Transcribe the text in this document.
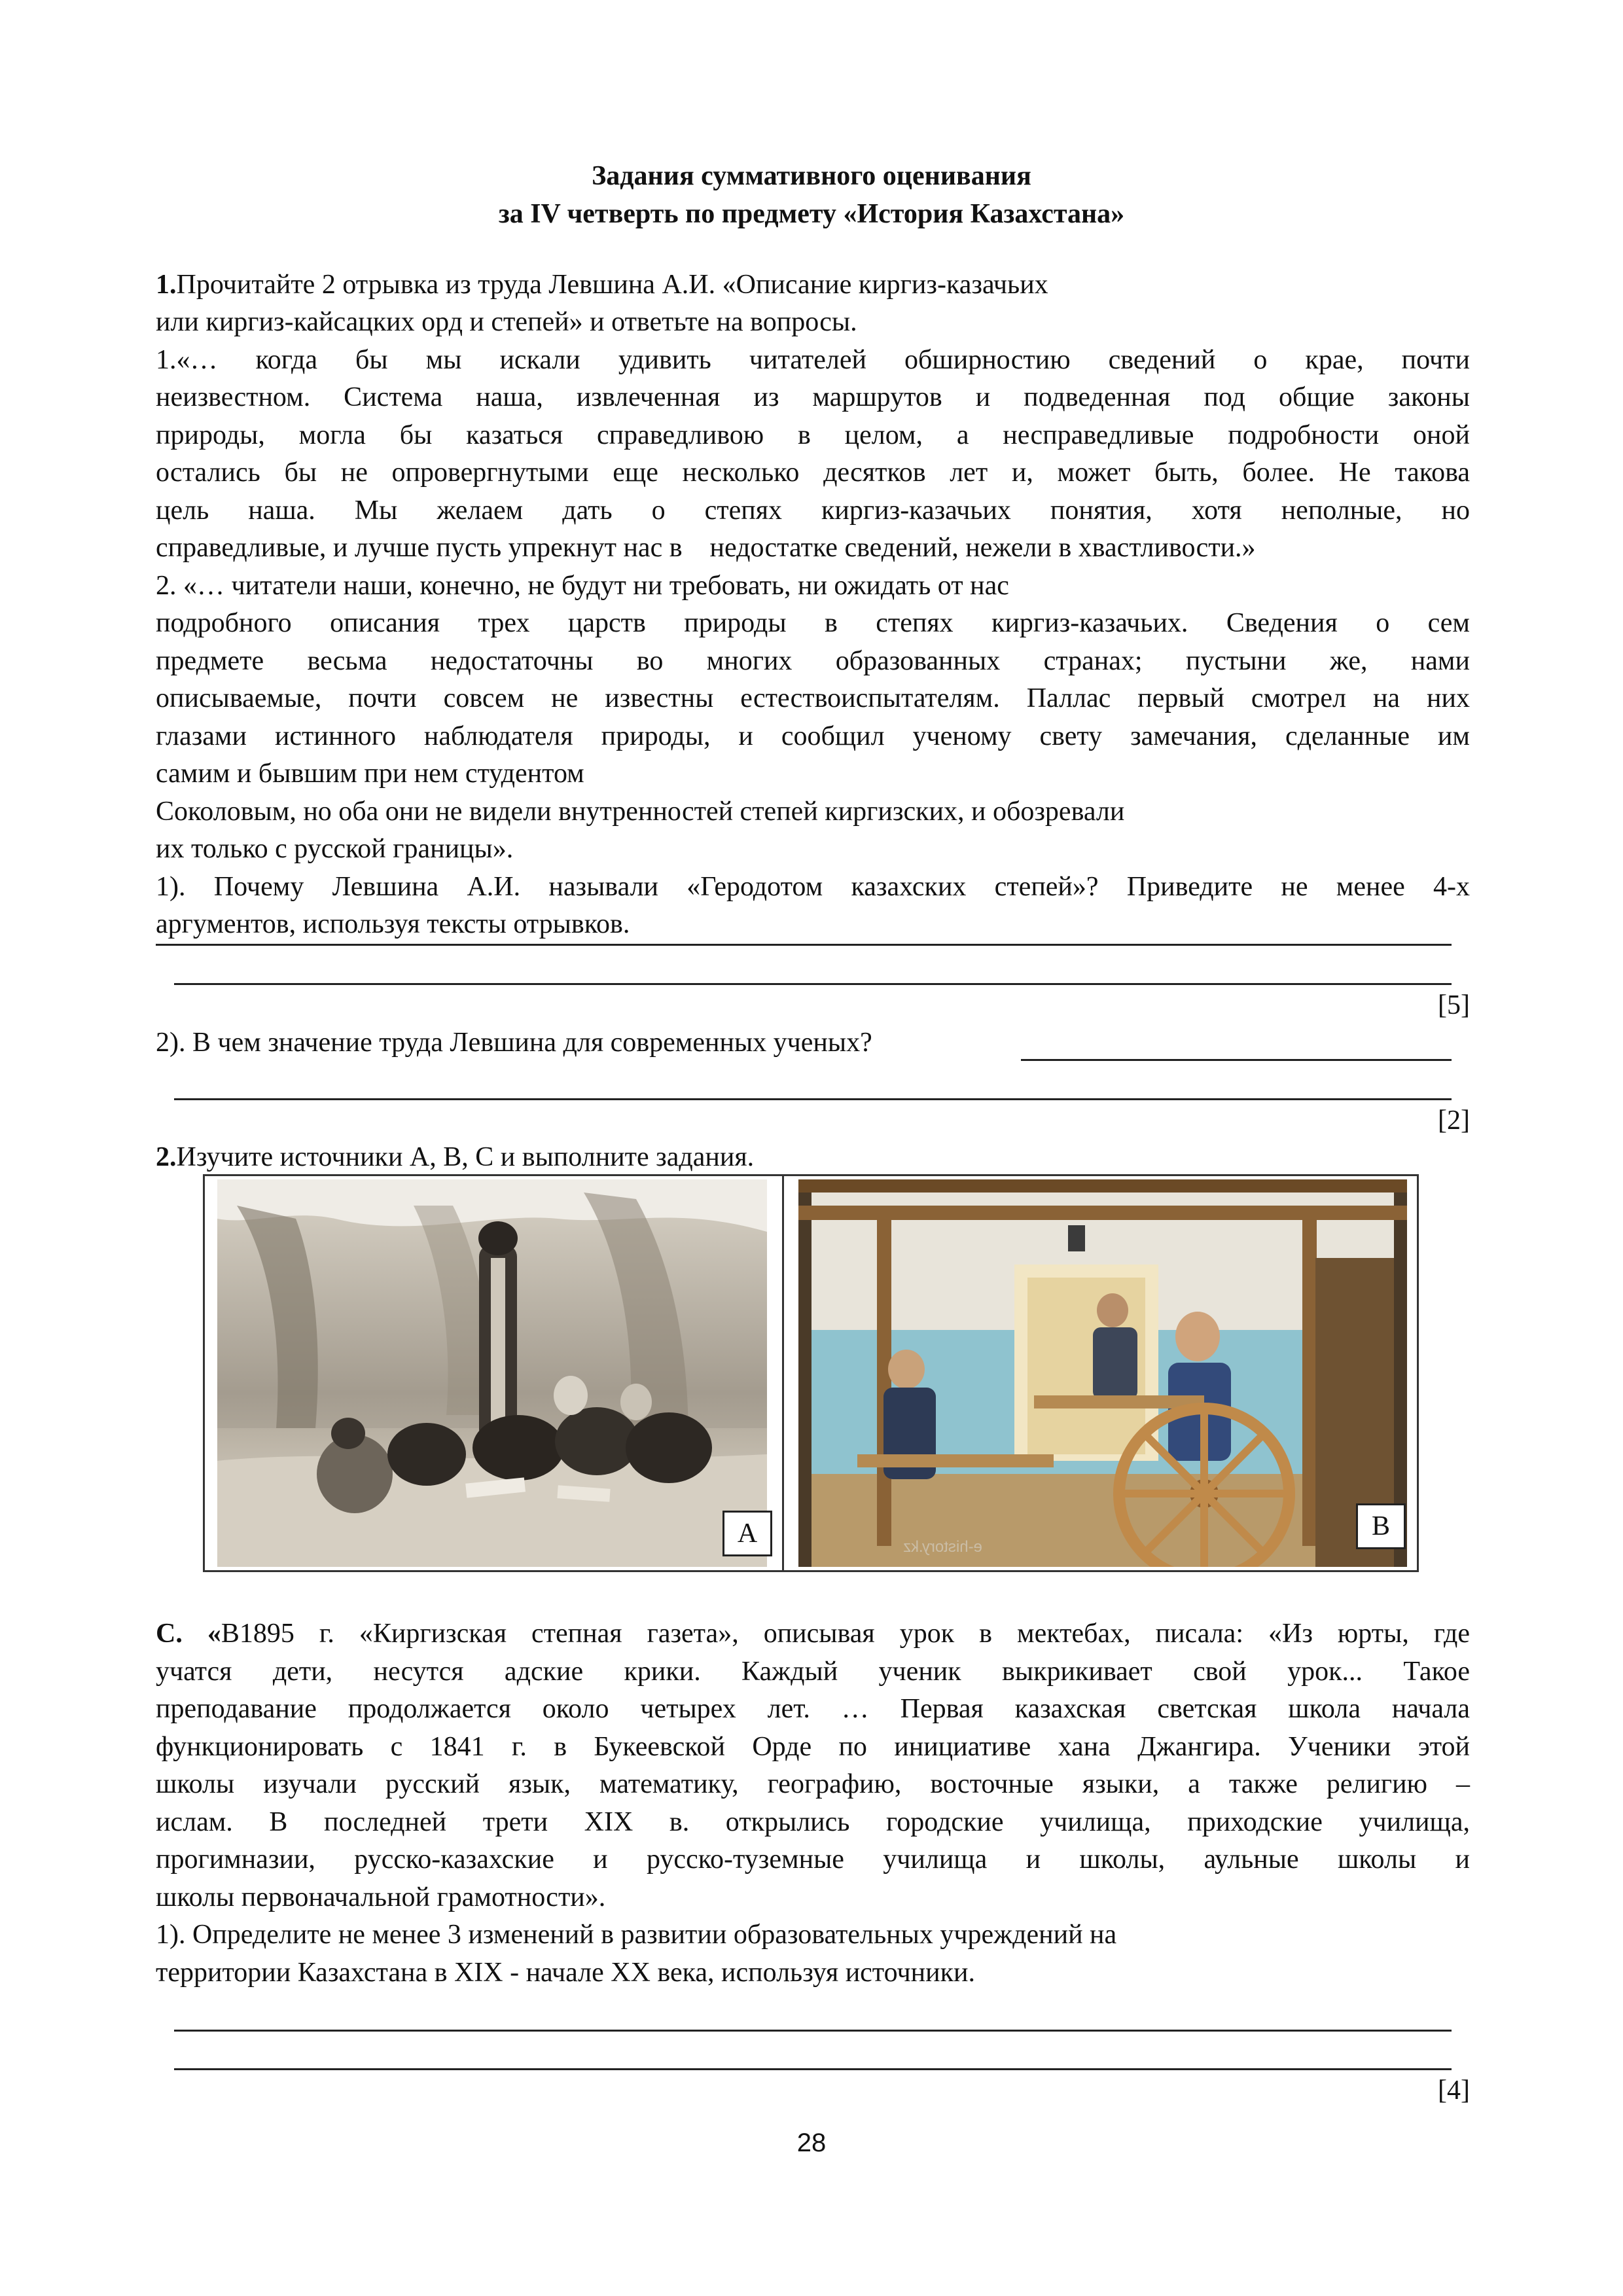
Задания суммативного оценивания
за IV четверть по предмету «История Казахстана»
1.Прочитайте 2 отрывка из труда Левшина А.И. «Описание киргиз-казачьих
или киргиз-кайсацких орд и степей» и ответьте на вопросы.
1.«… когда бы мы искали удивить читателей обширностию сведений о крае, почти
неизвестном. Система наша, извлеченная из маршрутов и подведенная под общие законы
природы, могла бы казаться справедливою в целом, а несправедливые подробности оной
остались бы не опровергнутыми еще несколько десятков лет и, может быть, более. Не такова
цель наша. Мы желаем дать о степях киргиз-казачьих понятия, хотя неполные, но
справедливые, и лучше пусть упрекнут нас в    недостатке сведений, нежели в хвастливости.»
2. «… читатели наши, конечно, не будут ни требовать, ни ожидать от нас
подробного описания трех царств природы в степях киргиз-казачьих. Сведения о сем
предмете весьма недостаточны во многих образованных странах; пустыни же, нами
описываемые, почти совсем не известны естествоиспытателям. Паллас первый смотрел на них
глазами истинного наблюдателя природы, и сообщил ученому свету замечания, сделанные им
самим и бывшим при нем студентом
Соколовым, но оба они не видели внутренностей степей киргизских, и обозревали
их только с русской границы».
1). Почему Левшина А.И. называли «Геродотом казахских степей»? Приведите не менее 4-х
аргументов, используя тексты отрывков.
[5]
2). В чем значение труда Левшина для современных ученых?
[2]
2.Изучите источники А, В, С и выполните задания.
e-history.kz
А	В
С. «В1895 г. «Киргизская степная газета», описывая урок в мектебах, писала: «Из юрты, где
учатся дети, несутся адские крики. Каждый ученик выкрикивает свой урок... Такое
преподавание продолжается около четырех лет. … Первая казахская светская школа начала
функционировать с 1841 г. в Букеевской Орде по инициативе хана Джангира. Ученики этой
школы изучали русский язык, математику, географию, восточные языки, а также религию –
ислам. В последней трети XIX в. открылись городские училища, приходские училища,
прогимназии, русско-казахские и русско-туземные училища и школы, аульные школы и
школы первоначальной грамотности».
1). Определите не менее 3 изменений в развитии образовательных учреждений на
территории Казахстана в XIX - начале XX века, используя источники.
[4]
28
